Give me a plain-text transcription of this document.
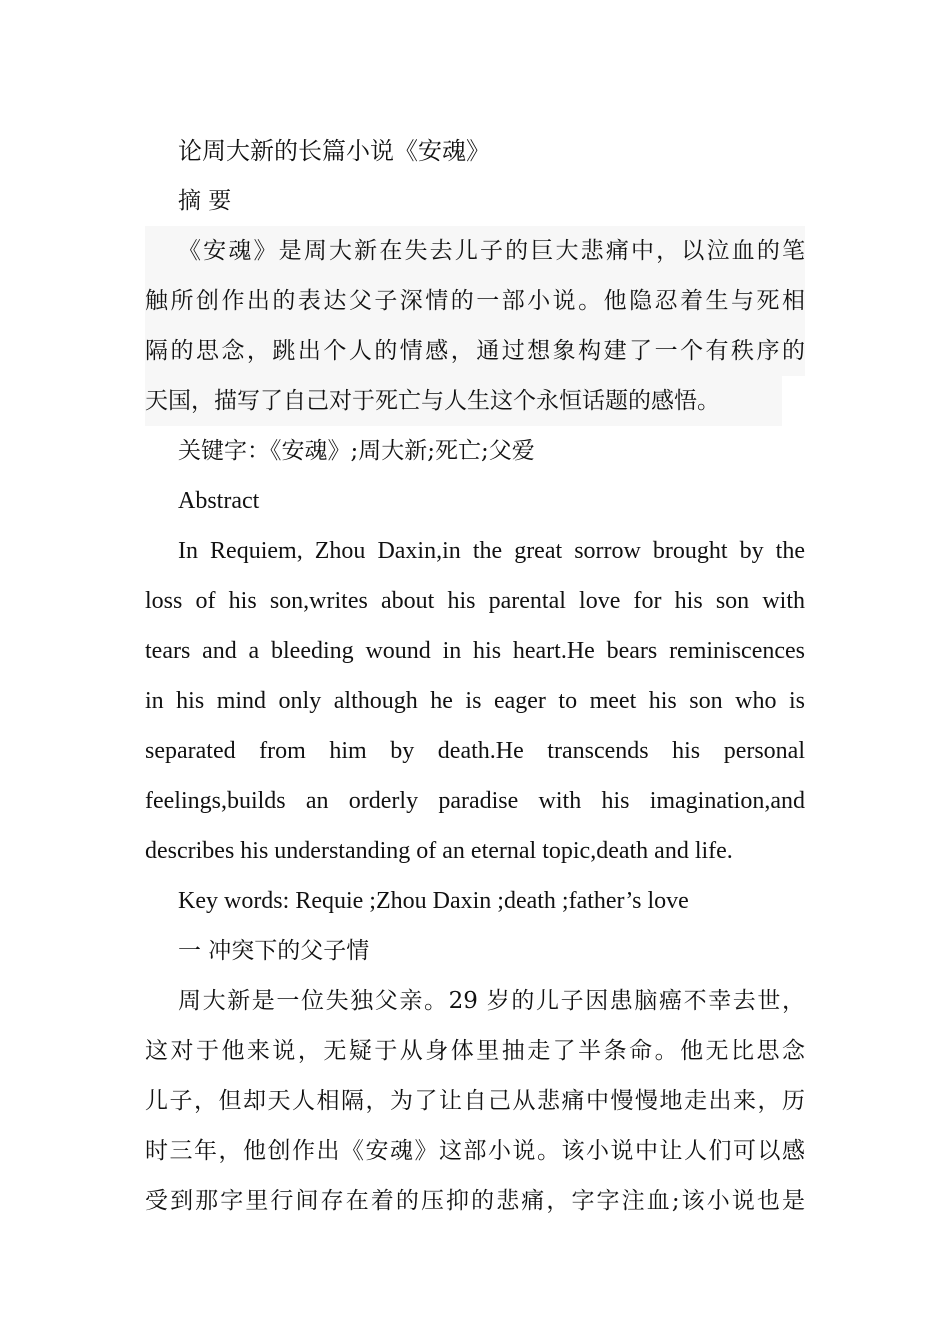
论周大新的长篇小说《安魂》
摘 要
《安魂》是周大新在失去儿子的巨大悲痛中，以泣血的笔
触所创作出的表达父子深情的一部小说。他隐忍着生与死相
隔的思念，跳出个人的情感，通过想象构建了一个有秩序的
天国，描写了自己对于死亡与人生这个永恒话题的感悟。
关键字：《安魂》;周大新;死亡;父爱
Abstract
In Requiem, Zhou Daxin,in the great sorrow brought by the
loss of his son,writes about his parental love for his son with
tears and a bleeding wound in his heart.He bears reminiscences
in his mind only although he is eager to meet his son who is
separated from him by death.He transcends his personal
feelings,builds an orderly paradise with his imagination,and
describes his understanding of an eternal topic,death and life.
Key words: Requie ;Zhou Daxin ;death ;father’s love
一 冲突下的父子情
周大新是一位失独父亲。29 岁的儿子因患脑癌不幸去世，
这对于他来说，无疑于从身体里抽走了半条命。他无比思念
儿子，但却天人相隔，为了让自己从悲痛中慢慢地走出来，历
时三年，他创作出《安魂》这部小说。该小说中让人们可以感
受到那字里行间存在着的压抑的悲痛，字字注血;该小说也是
